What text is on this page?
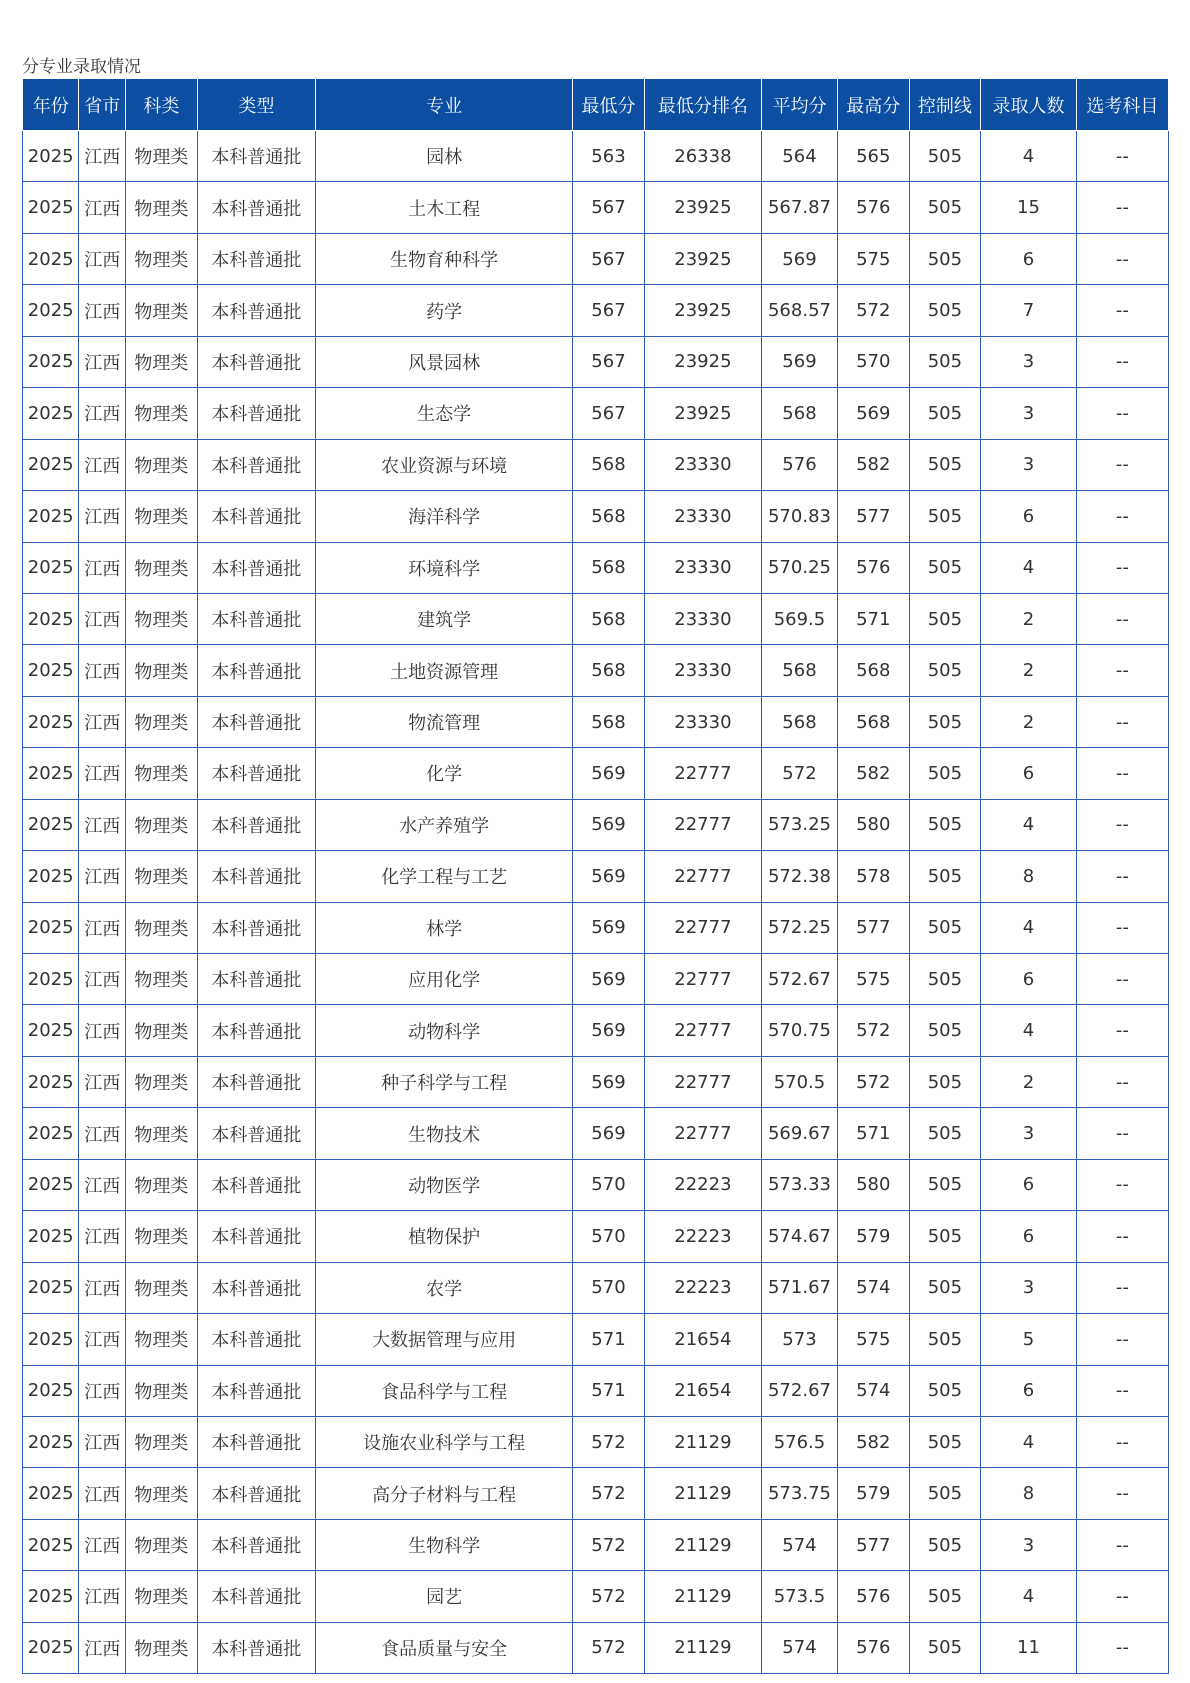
分专业录取情况
年份	省市	科类	类型	专业	最低分	最低分排名	平均分	最高分	控制线	录取人数	选考科目
2025	江西	物理类	本科普通批	园林	563	26338	564	565	505	4	--
2025	江西	物理类	本科普通批	土木工程	567	23925	567.87	576	505	15	--
2025	江西	物理类	本科普通批	生物育种科学	567	23925	569	575	505	6	--
2025	江西	物理类	本科普通批	药学	567	23925	568.57	572	505	7	--
2025	江西	物理类	本科普通批	风景园林	567	23925	569	570	505	3	--
2025	江西	物理类	本科普通批	生态学	567	23925	568	569	505	3	--
2025	江西	物理类	本科普通批	农业资源与环境	568	23330	576	582	505	3	--
2025	江西	物理类	本科普通批	海洋科学	568	23330	570.83	577	505	6	--
2025	江西	物理类	本科普通批	环境科学	568	23330	570.25	576	505	4	--
2025	江西	物理类	本科普通批	建筑学	568	23330	569.5	571	505	2	--
2025	江西	物理类	本科普通批	土地资源管理	568	23330	568	568	505	2	--
2025	江西	物理类	本科普通批	物流管理	568	23330	568	568	505	2	--
2025	江西	物理类	本科普通批	化学	569	22777	572	582	505	6	--
2025	江西	物理类	本科普通批	水产养殖学	569	22777	573.25	580	505	4	--
2025	江西	物理类	本科普通批	化学工程与工艺	569	22777	572.38	578	505	8	--
2025	江西	物理类	本科普通批	林学	569	22777	572.25	577	505	4	--
2025	江西	物理类	本科普通批	应用化学	569	22777	572.67	575	505	6	--
2025	江西	物理类	本科普通批	动物科学	569	22777	570.75	572	505	4	--
2025	江西	物理类	本科普通批	种子科学与工程	569	22777	570.5	572	505	2	--
2025	江西	物理类	本科普通批	生物技术	569	22777	569.67	571	505	3	--
2025	江西	物理类	本科普通批	动物医学	570	22223	573.33	580	505	6	--
2025	江西	物理类	本科普通批	植物保护	570	22223	574.67	579	505	6	--
2025	江西	物理类	本科普通批	农学	570	22223	571.67	574	505	3	--
2025	江西	物理类	本科普通批	大数据管理与应用	571	21654	573	575	505	5	--
2025	江西	物理类	本科普通批	食品科学与工程	571	21654	572.67	574	505	6	--
2025	江西	物理类	本科普通批	设施农业科学与工程	572	21129	576.5	582	505	4	--
2025	江西	物理类	本科普通批	高分子材料与工程	572	21129	573.75	579	505	8	--
2025	江西	物理类	本科普通批	生物科学	572	21129	574	577	505	3	--
2025	江西	物理类	本科普通批	园艺	572	21129	573.5	576	505	4	--
2025	江西	物理类	本科普通批	食品质量与安全	572	21129	574	576	505	11	--
